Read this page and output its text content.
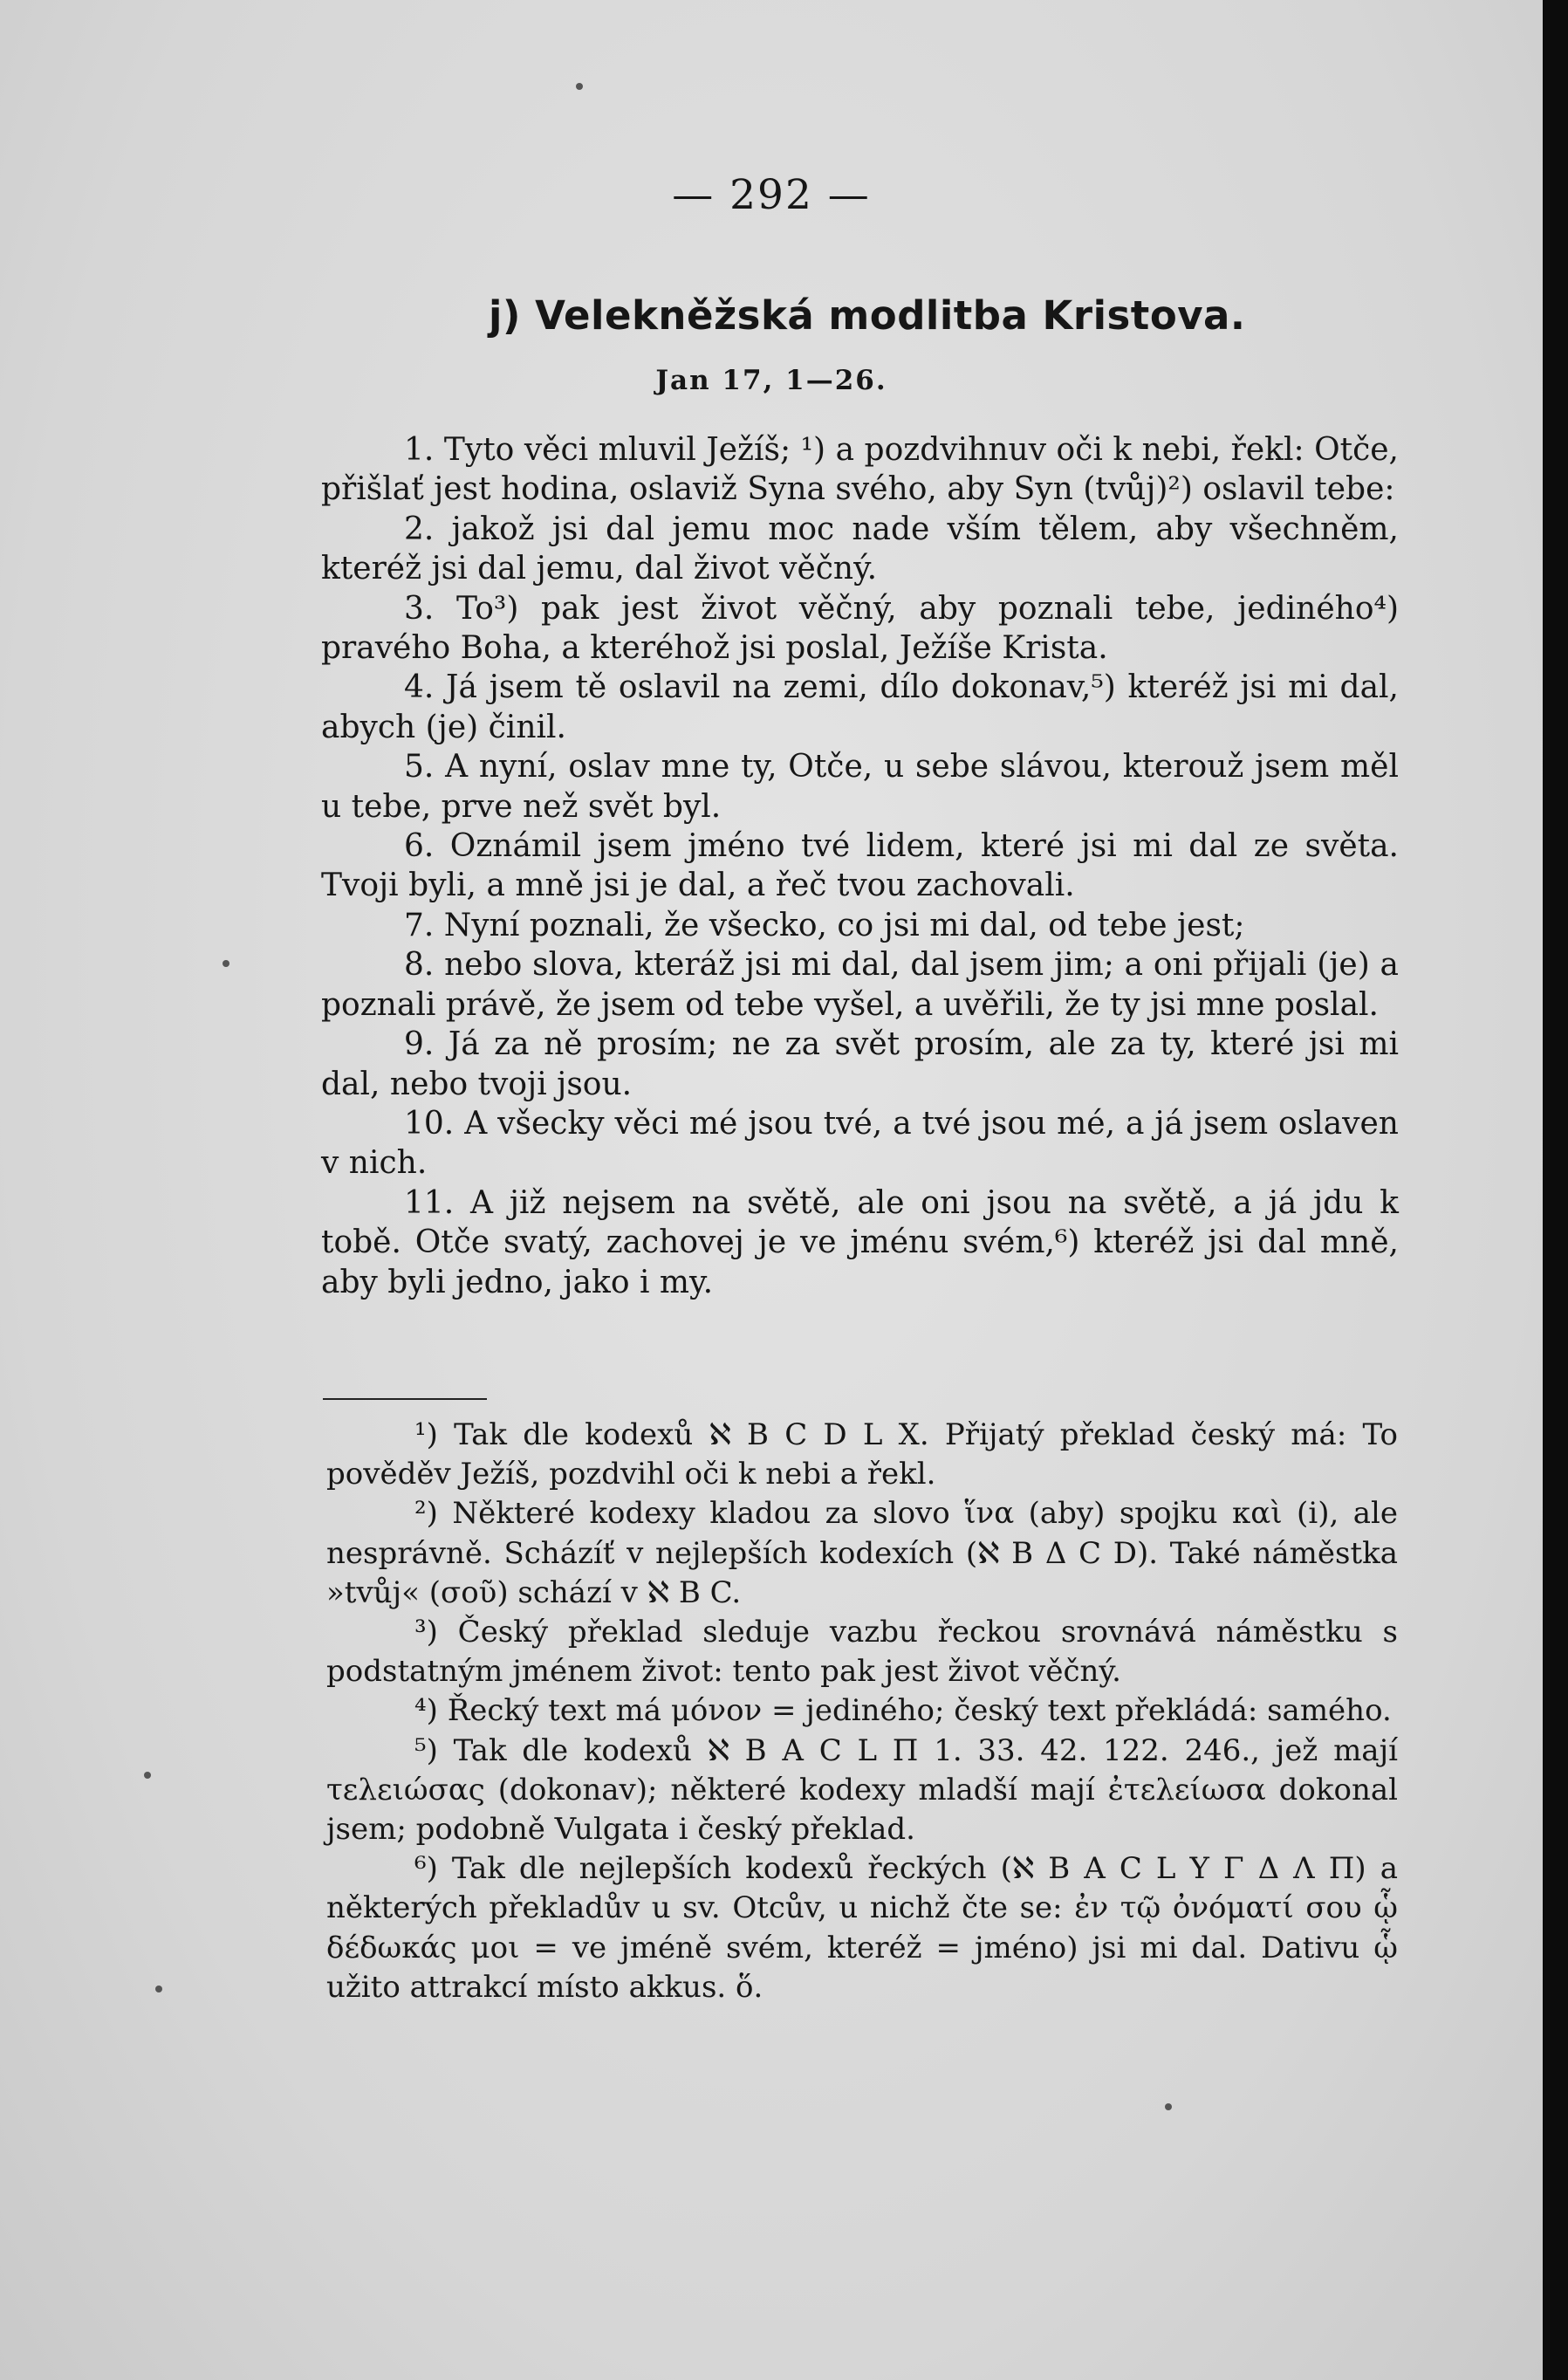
— 292 —
j) Velekněžská modlitba Kristova.
Jan 17, 1—26.

1. Tyto věci mluvil Ježíš; ¹) a pozdvihnuv oči k nebi, řekl: Otče, přišlať jest hodina, oslaviž Syna svého, aby Syn (tvůj)²) oslavil tebe:

2. jakož jsi dal jemu moc nade vším tělem, aby všechněm, kteréž jsi dal jemu, dal život věčný.

3. To³) pak jest život věčný, aby poznali tebe, jediného⁴) pravého Boha, a kteréhož jsi poslal, Ježíše Krista.

4. Já jsem tě oslavil na zemi, dílo dokonav,⁵) kteréž jsi mi dal, abych (je) činil.

5. A nyní, oslav mne ty, Otče, u sebe slávou, kterouž jsem měl u tebe, prve než svět byl.

6. Oznámil jsem jméno tvé lidem, které jsi mi dal ze světa. Tvoji byli, a mně jsi je dal, a řeč tvou zachovali.

7. Nyní poznali, že všecko, co jsi mi dal, od tebe jest;

8. nebo slova, kteráž jsi mi dal, dal jsem jim; a oni přijali (je) a poznali právě, že jsem od tebe vyšel, a uvěřili, že ty jsi mne poslal.

9. Já za ně prosím; ne za svět prosím, ale za ty, které jsi mi dal, nebo tvoji jsou.

10. A všecky věci mé jsou tvé, a tvé jsou mé, a já jsem oslaven v nich.

11. A již nejsem na světě, ale oni jsou na světě, a já jdu k tobě. Otče svatý, zachovej je ve jménu svém,⁶) kteréž jsi dal mně, aby byli jedno, jako i my.

¹) Tak dle kodexů ℵ B C D L X. Přijatý překlad český má: To pověděv Ježíš, pozdvihl oči k nebi a řekl.

²) Některé kodexy kladou za slovo ἵνα (aby) spojku καὶ (i), ale nesprávně. Scházíť v nejlepších kodexích (ℵ B Δ C D). Také náměstka »tvůj« (σοῦ) schází v ℵ B C.

³) Český překlad sleduje vazbu řeckou srovnává náměstku s podstatným jménem život: tento pak jest život věčný.

⁴) Řecký text má μόνον = jediného; český text překládá: samého.

⁵) Tak dle kodexů ℵ B A C L Π 1. 33. 42. 122. 246., jež mají τελειώσας (dokonav); některé kodexy mladší mají ἐτελείωσα dokonal jsem; podobně Vulgata i český překlad.

⁶) Tak dle nejlepších kodexů řeckých (ℵ B A C L Y Γ Δ Λ Π) a některých překladův u sv. Otcův, u nichž čte se: ἐν τῷ ὀνόματί σου ᾧ δέδωκάς μοι = ve jméně svém, kteréž = jméno) jsi mi dal. Dativu ᾧ užito attrakcí místo akkus. ὅ.
